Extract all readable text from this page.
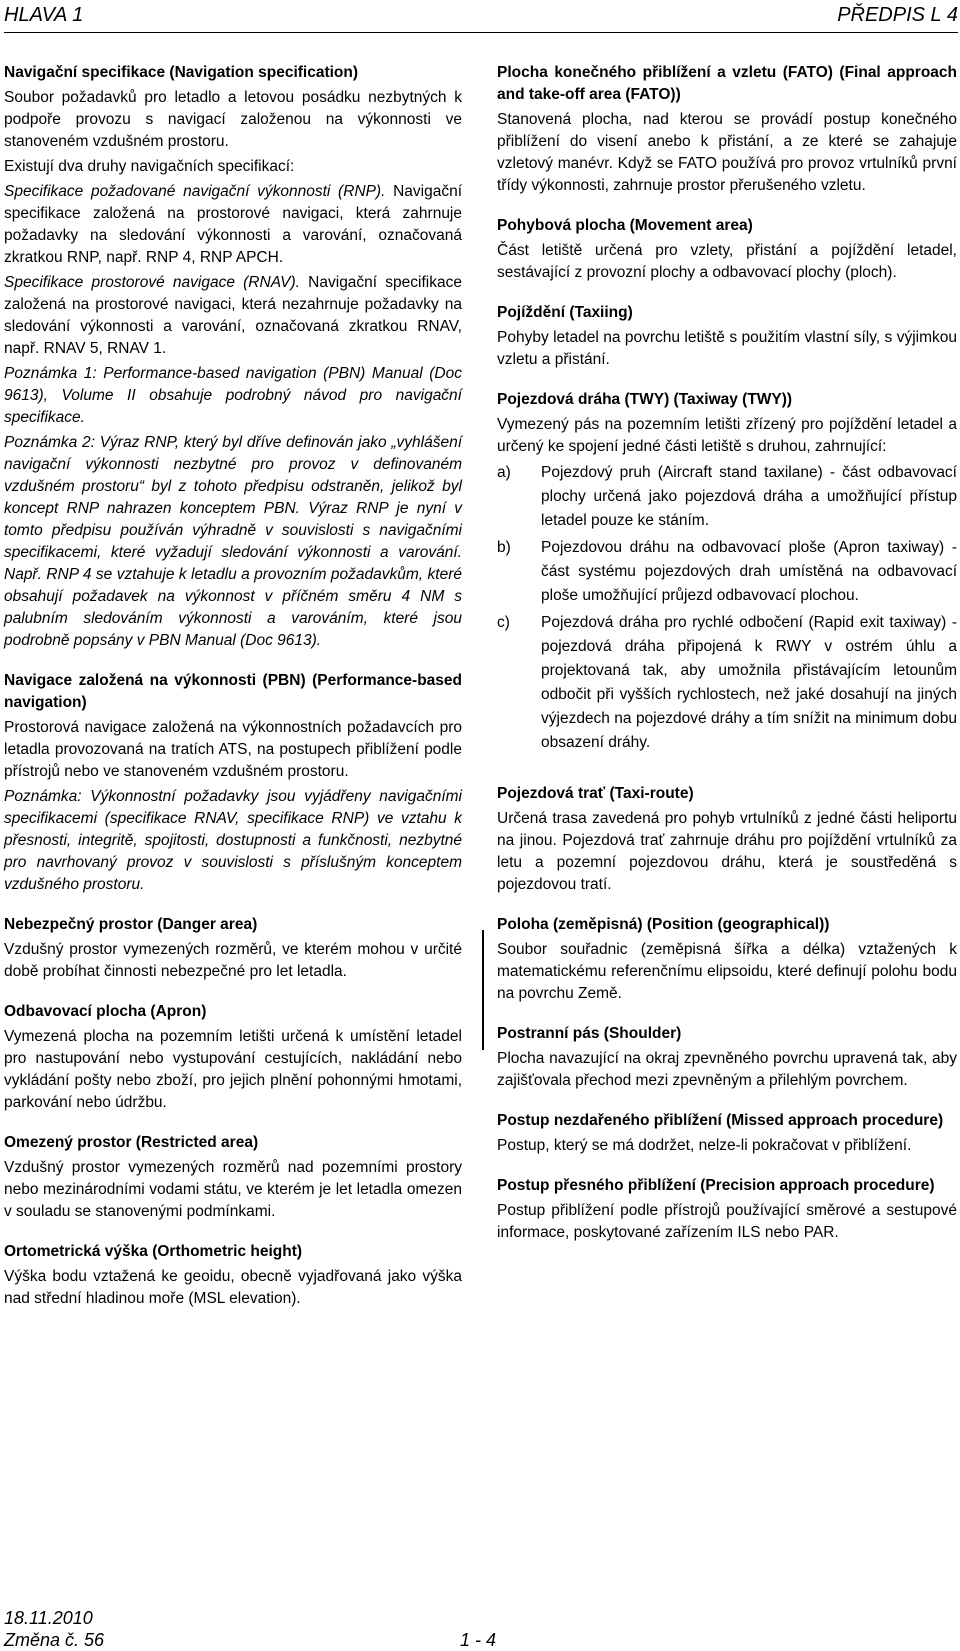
HLAVA 1	PŘEDPIS L 4

Navigační specifikace (Navigation specification)

Soubor požadavků pro letadlo a letovou posádku nezbytných k podpoře provozu s navigací založenou na výkonnosti ve stanoveném vzdušném prostoru.

Existují dva druhy navigačních specifikací:

Specifikace požadované navigační výkonnosti (RNP). Navigační specifikace založená na prostorové navigaci, která zahrnuje požadavky na sledování výkonnosti a varování, označovaná zkratkou RNP, např. RNP 4, RNP APCH.

Specifikace prostorové navigace (RNAV). Navigační specifikace založená na prostorové navigaci, která nezahrnuje požadavky na sledování výkonnosti a varování, označovaná zkratkou RNAV, např. RNAV 5, RNAV 1.

Poznámka 1: Performance-based navigation (PBN) Manual (Doc 9613), Volume II obsahuje podrobný návod pro navigační specifikace.

Poznámka 2: Výraz RNP, který byl dříve definován jako „vyhlášení navigační výkonnosti nezbytné pro provoz v definovaném vzdušném prostoru“ byl z tohoto předpisu odstraněn, jelikož byl koncept RNP nahrazen konceptem PBN. Výraz RNP je nyní v tomto předpisu používán výhradně v souvislosti s navigačními specifikacemi, které vyžadují sledování výkonnosti a varování. Např. RNP 4 se vztahuje k letadlu a provozním požadavkům, které obsahují požadavek na výkonnost v příčném směru 4 NM s palubním sledováním výkonnosti a varováním, které jsou podrobně popsány v PBN Manual (Doc 9613).

Navigace založená na výkonnosti (PBN) (Performance-based navigation)

Prostorová navigace založená na výkonnostních požadavcích pro letadla provozovaná na tratích ATS, na postupech přiblížení podle přístrojů nebo ve stanoveném vzdušném prostoru.

Poznámka: Výkonnostní požadavky jsou vyjádřeny navigačními specifikacemi (specifikace RNAV, specifikace RNP) ve vztahu k přesnosti, integritě, spojitosti, dostupnosti a funkčnosti, nezbytné pro navrhovaný provoz v souvislosti s příslušným konceptem vzdušného prostoru.

Nebezpečný prostor (Danger area)

Vzdušný prostor vymezených rozměrů, ve kterém mohou v určité době probíhat činnosti nebezpečné pro let letadla.

Odbavovací plocha (Apron)

Vymezená plocha na pozemním letišti určená k umístění letadel pro nastupování nebo vystupování cestujících, nakládání nebo vykládání pošty nebo zboží, pro jejich plnění pohonnými hmotami, parkování nebo údržbu.

Omezený prostor (Restricted area)

Vzdušný prostor vymezených rozměrů nad pozemními prostory nebo mezinárodními vodami státu, ve kterém je let letadla omezen v souladu se stanovenými podmínkami.

Ortometrická výška (Orthometric height)

Výška bodu vztažená ke geoidu, obecně vyjadřovaná jako výška nad střední hladinou moře (MSL elevation).

Plocha konečného přiblížení a vzletu (FATO) (Final approach and take-off area (FATO))

Stanovená plocha, nad kterou se provádí postup konečného přiblížení do visení anebo k přistání, a ze které se zahajuje vzletový manévr. Když se FATO používá pro provoz vrtulníků první třídy výkonnosti, zahrnuje prostor přerušeného vzletu.

Pohybová plocha (Movement area)

Část letiště určená pro vzlety, přistání a pojíždění letadel, sestávající z provozní plochy a odbavovací plochy (ploch).

Pojíždění (Taxiing)

Pohyby letadel na povrchu letiště s použitím vlastní síly, s výjimkou vzletu a přistání.

Pojezdová dráha (TWY) (Taxiway (TWY))

Vymezený pás na pozemním letišti zřízený pro pojíždění letadel a určený ke spojení jedné části letiště s druhou, zahrnující:

a) Pojezdový pruh (Aircraft stand taxilane) - část odbavovací plochy určená jako pojezdová dráha a umožňující přístup letadel pouze ke stáním.
b) Pojezdovou dráhu na odbavovací ploše (Apron taxiway) - část systému pojezdových drah umístěná na odbavovací ploše umožňující průjezd odbavovací plochou.
c) Pojezdová dráha pro rychlé odbočení (Rapid exit taxiway) - pojezdová dráha připojená k RWY v ostrém úhlu a projektovaná tak, aby umožnila přistávajícím letounům odbočit při vyšších rychlostech, než jaké dosahují na jiných výjezdech na pojezdové dráhy a tím snížit na minimum dobu obsazení dráhy.

Pojezdová trať (Taxi-route)

Určená trasa zavedená pro pohyb vrtulníků z jedné části heliportu na jinou. Pojezdová trať zahrnuje dráhu pro pojíždění vrtulníků za letu a pozemní pojezdovou dráhu, která je soustředěná s pojezdovou tratí.

Poloha (zeměpisná) (Position (geographical))

Soubor souřadnic (zeměpisná šířka a délka) vztažených k matematickému referenčnímu elipsoidu, které definují polohu bodu na povrchu Země.

Postranní pás (Shoulder)

Plocha navazující na okraj zpevněného povrchu upravená tak, aby zajišťovala přechod mezi zpevněným a přilehlým povrchem.

Postup nezdařeného přiblížení (Missed approach procedure)

Postup, který se má dodržet, nelze-li pokračovat v přiblížení.

Postup přesného přiblížení (Precision approach procedure)

Postup přiblížení podle přístrojů používající směrové a sestupové informace, poskytované zařízením ILS nebo PAR.

18.11.2010
Změna č. 56	1 - 4
